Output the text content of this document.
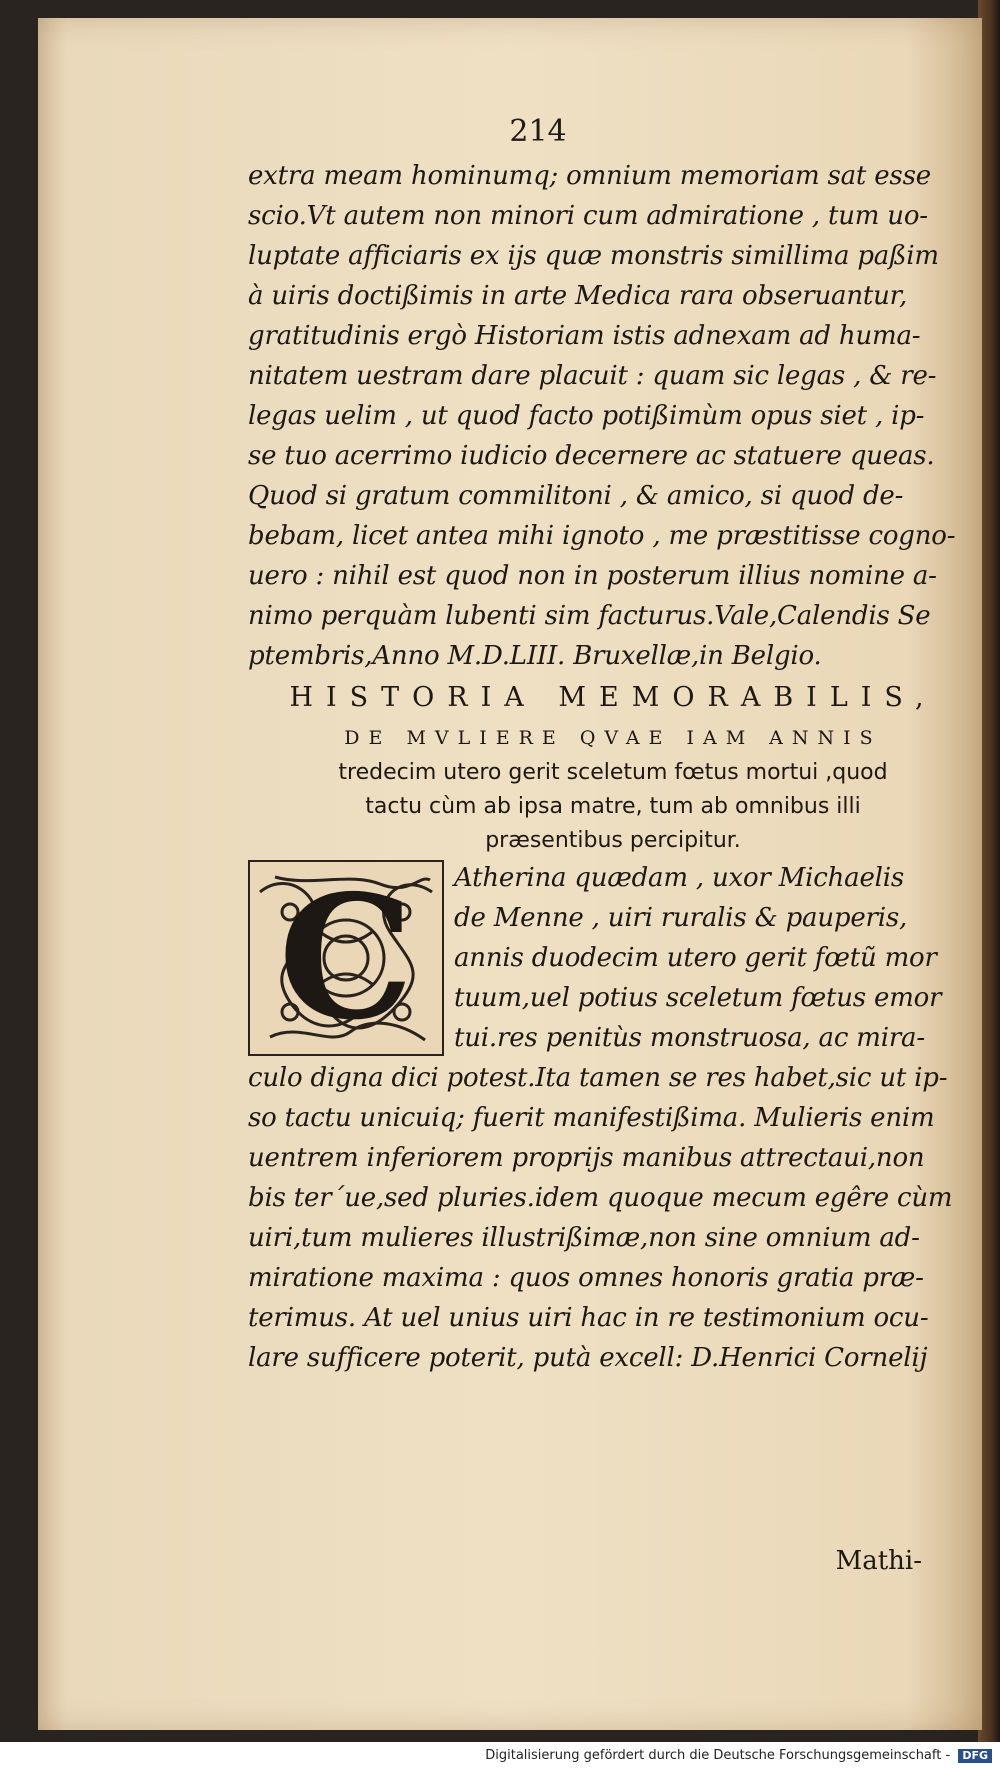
214
extra meam hominumq; omnium memoriam sat esse
scio.Vt autem non minori cum admiratione , tum uo-
luptate afficiaris ex ijs quæ monstris simillima paßim
à uiris doctißimis in arte Medica rara obseruantur,
gratitudinis ergò Historiam istis adnexam ad huma-
nitatem uestram dare placuit : quam sic legas , & re-
legas uelim , ut quod facto potißimùm opus siet , ip-
se tuo acerrimo iudicio decernere ac statuere queas.
Quod si gratum commilitoni , & amico, si quod de-
bebam, licet antea mihi ignoto , me præstitisse cogno-
uero : nihil est quod non in posterum illius nomine a-
nimo perquàm lubenti sim facturus.Vale,Calendis Se
ptembris,Anno M.D.LIII. Bruxellæ,in Belgio.
HISTORIA MEMORABILIS,
DE MVLIERE QVAE IAM ANNIS
tredecim utero gerit sceletum fœtus mortui ,quod
tactu cùm ab ipsa matre, tum ab omnibus illi
præsentibus percipitur.
C	Atherina quædam , uxor Michaelis
de Menne , uiri ruralis & pauperis,
annis duodecim utero gerit fœtũ mor
tuum,uel potius sceletum fœtus emor
tui.res penitùs monstruosa, ac mira-
culo digna dici potest.Ita tamen se res habet,sic ut ip-
so tactu unicuiq; fuerit manifestißima. Mulieris enim
uentrem inferiorem proprijs manibus attrectaui,non
bis ter´ue,sed pluries.idem quoque mecum egêre cùm
uiri,tum mulieres illustrißimæ,non sine omnium ad-
miratione maxima : quos omnes honoris gratia præ-
terimus. At uel unius uiri hac in re testimonium ocu-
lare sufficere poterit, putà excell: D.Henrici Cornelij
Mathi-
Digitalisierung gefördert durch die Deutsche Forschungsgemeinschaft - DFG
